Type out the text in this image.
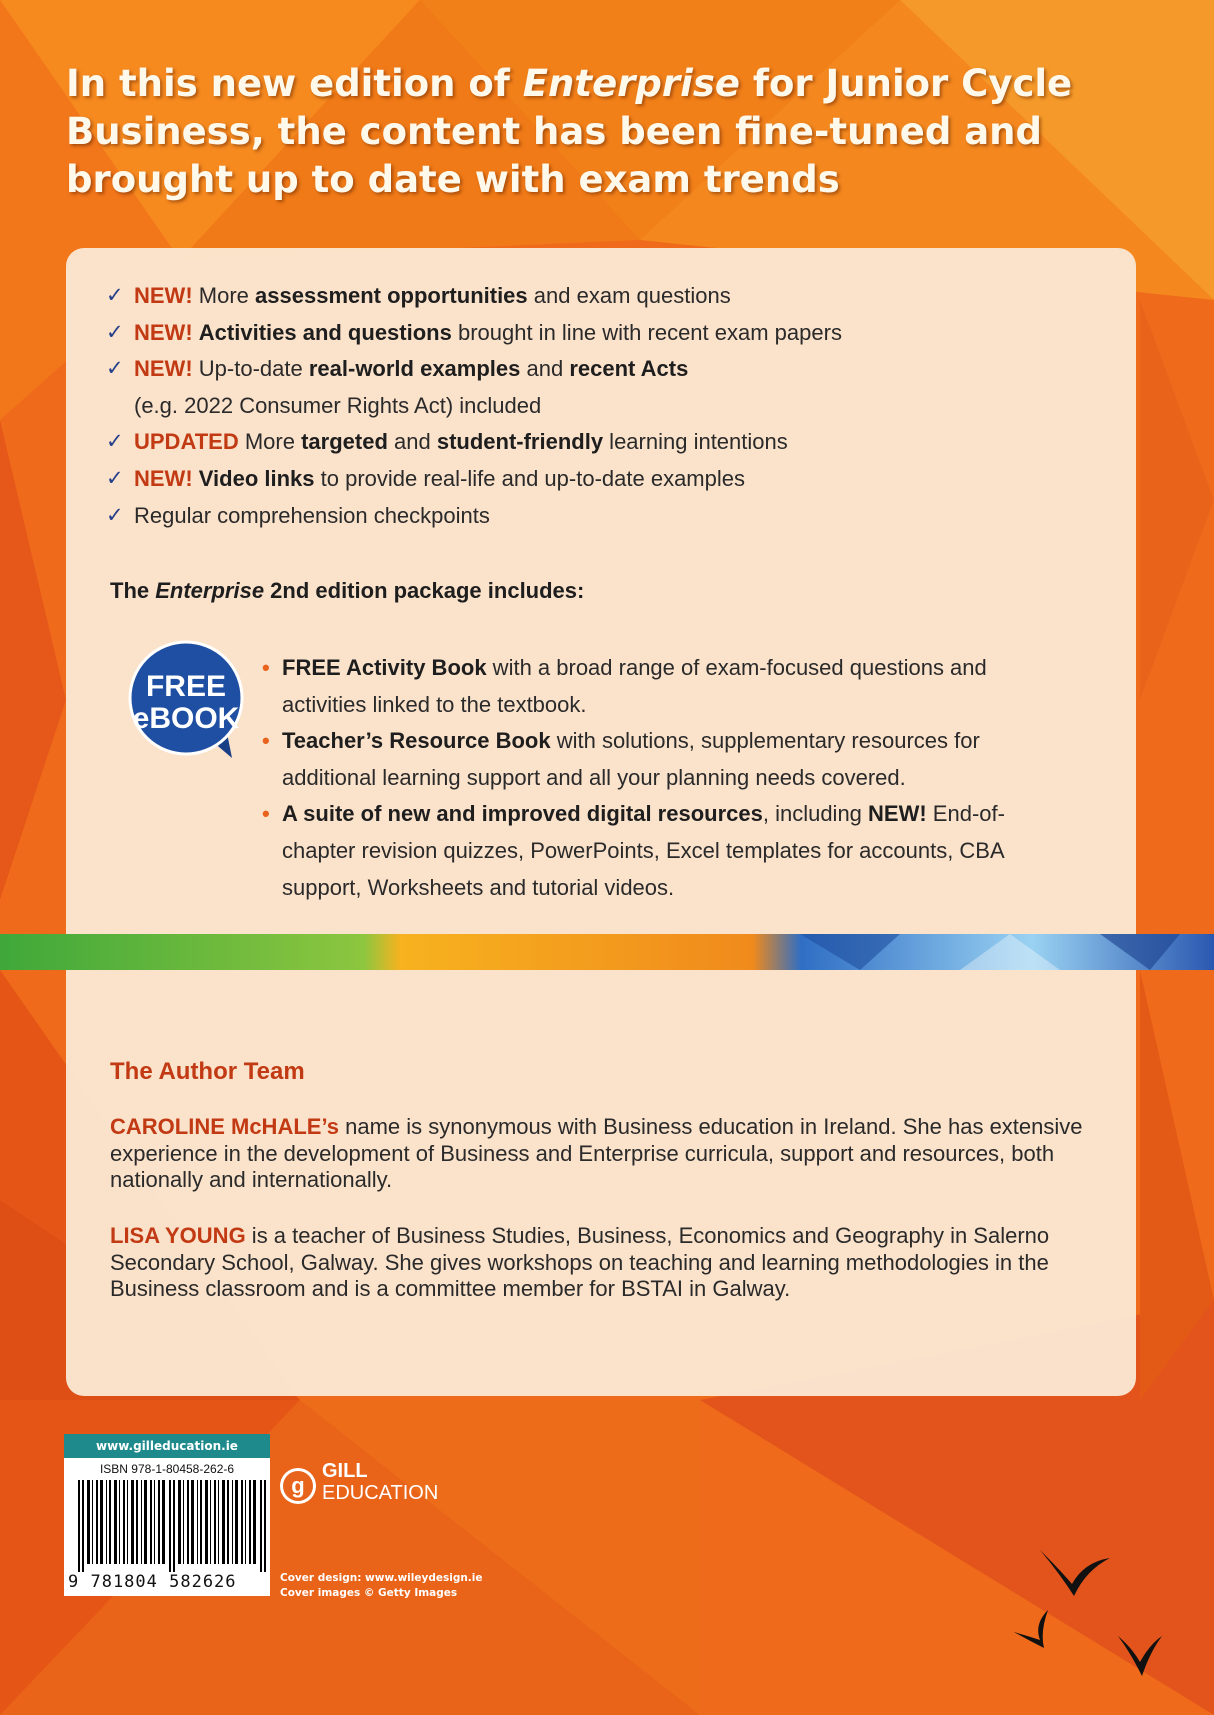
In this new edition of Enterprise for Junior Cycle Business, the content has been fine-tuned and brought up to date with exam trends

✓ NEW! More assessment opportunities and exam questions
✓ NEW! Activities and questions brought in line with recent exam papers
✓ NEW! Up-to-date real-world examples and recent Acts
(e.g. 2022 Consumer Rights Act) included
✓ UPDATED More targeted and student-friendly learning intentions
✓ NEW! Video links to provide real-life and up-to-date examples
✓ Regular comprehension checkpoints

The Enterprise 2nd edition package includes:

FREE
eBOOK
• FREE Activity Book with a broad range of exam-focused questions and activities linked to the textbook.
• Teacher’s Resource Book with solutions, supplementary resources for additional learning support and all your planning needs covered.
• A suite of new and improved digital resources, including NEW! End-of-chapter revision quizzes, PowerPoints, Excel templates for accounts, CBA support, Worksheets and tutorial videos.
The Author Team

CAROLINE McHALE’s name is synonymous with Business education in Ireland. She has extensive experience in the development of Business and Enterprise curricula, support and resources, both nationally and internationally.

LISA YOUNG is a teacher of Business Studies, Business, Economics and Geography in Salerno Secondary School, Galway. She gives workshops on teaching and learning methodologies in the Business classroom and is a committee member for BSTAI in Galway.

www.gilleducation.ie
ISBN 978-1-80458-262-6
9 781804 582626
g

GILL

EDUCATION

Cover design: www.wileydesign.ie

Cover images © Getty Images
